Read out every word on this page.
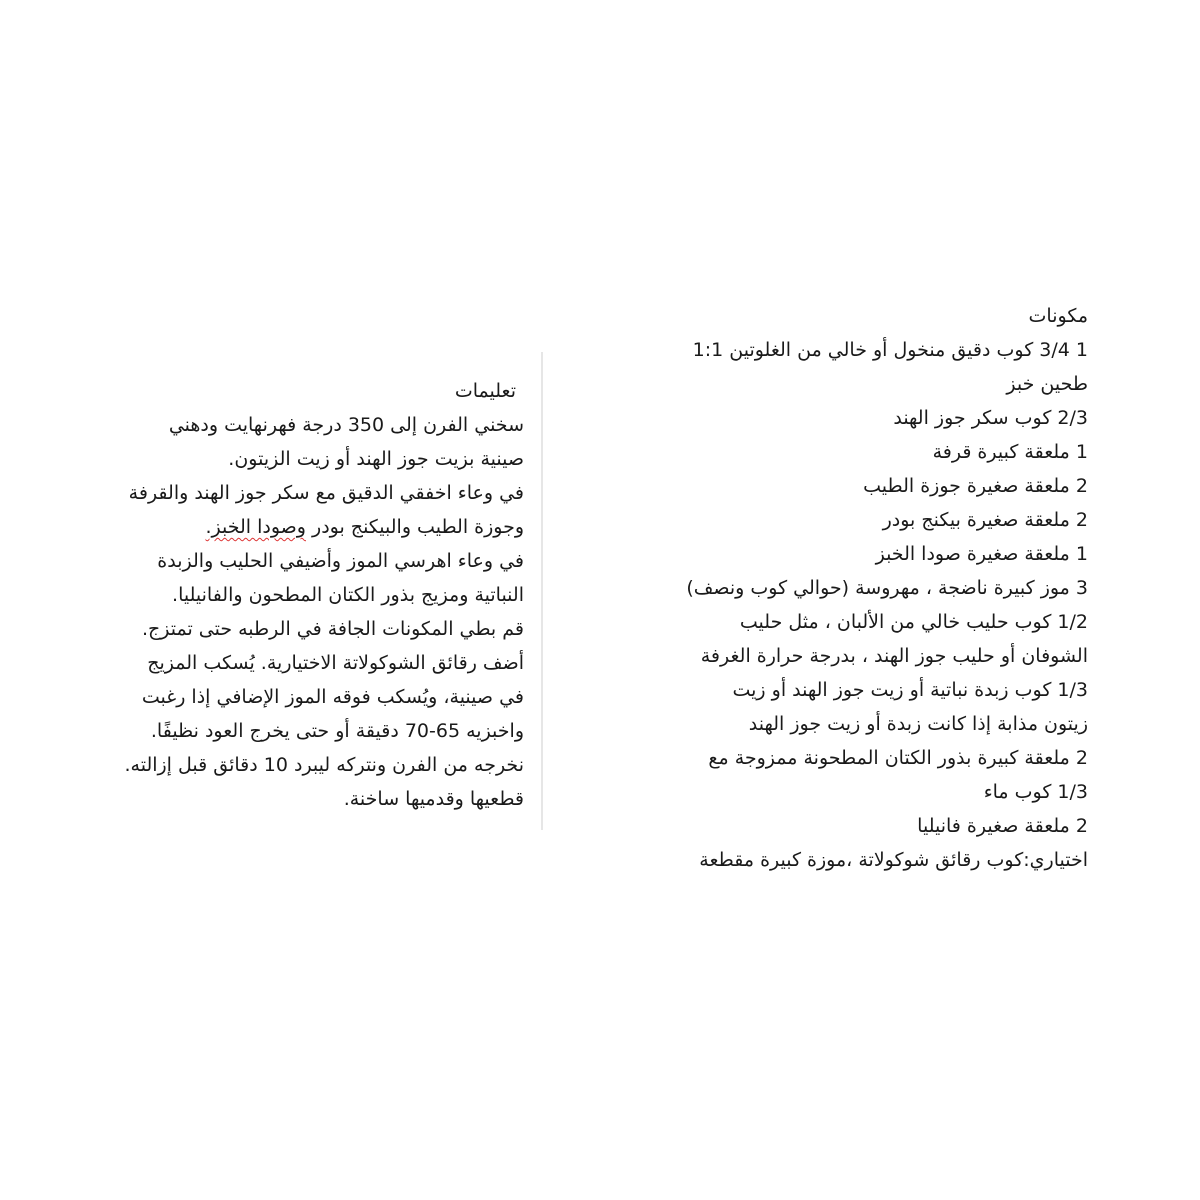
مكونات

1 3/4 كوب دقيق منخول أو خالي من الغلوتين 1:1

طحين خبز

2/3 كوب سكر جوز الهند

1 ملعقة كبيرة قرفة

2 ملعقة صغيرة جوزة الطيب

2 ملعقة صغيرة بيكنج بودر

1 ملعقة صغيرة صودا الخبز

3 موز كبيرة ناضجة ، مهروسة (حوالي كوب ونصف)

1/2 كوب حليب خالي من الألبان ، مثل حليب

الشوفان أو حليب جوز الهند ، بدرجة حرارة الغرفة

1/3 كوب زبدة نباتية أو زيت جوز الهند أو زيت

زيتون مذابة إذا كانت زبدة أو زيت جوز الهند

2 ملعقة كبيرة بذور الكتان المطحونة ممزوجة مع

1/3 كوب ماء

2 ملعقة صغيرة فانيليا

اختياري:كوب رقائق شوكولاتة ،موزة كبيرة مقطعة

تعليمات

سخني الفرن إلى 350 درجة فهرنهايت ودهني

صينية بزيت جوز الهند أو زيت الزيتون.

في وعاء اخفقي الدقيق مع سكر جوز الهند والقرفة

وجوزة الطيب والبيكنج بودر وصودا الخبز.

في وعاء اهرسي الموز وأضيفي الحليب والزبدة

النباتية ومزيج بذور الكتان المطحون والفانيليا.

قم بطي المكونات الجافة في الرطبه حتى تمتزج.

أضف رقائق الشوكولاتة الاختيارية. يُسكب المزيج

في صينية، ويُسكب فوقه الموز الإضافي إذا رغبت

واخبزيه 65-70 دقيقة أو حتى يخرج العود نظيفًا.

نخرجه من الفرن ونتركه ليبرد 10 دقائق قبل إزالته.

قطعيها وقدميها ساخنة.
